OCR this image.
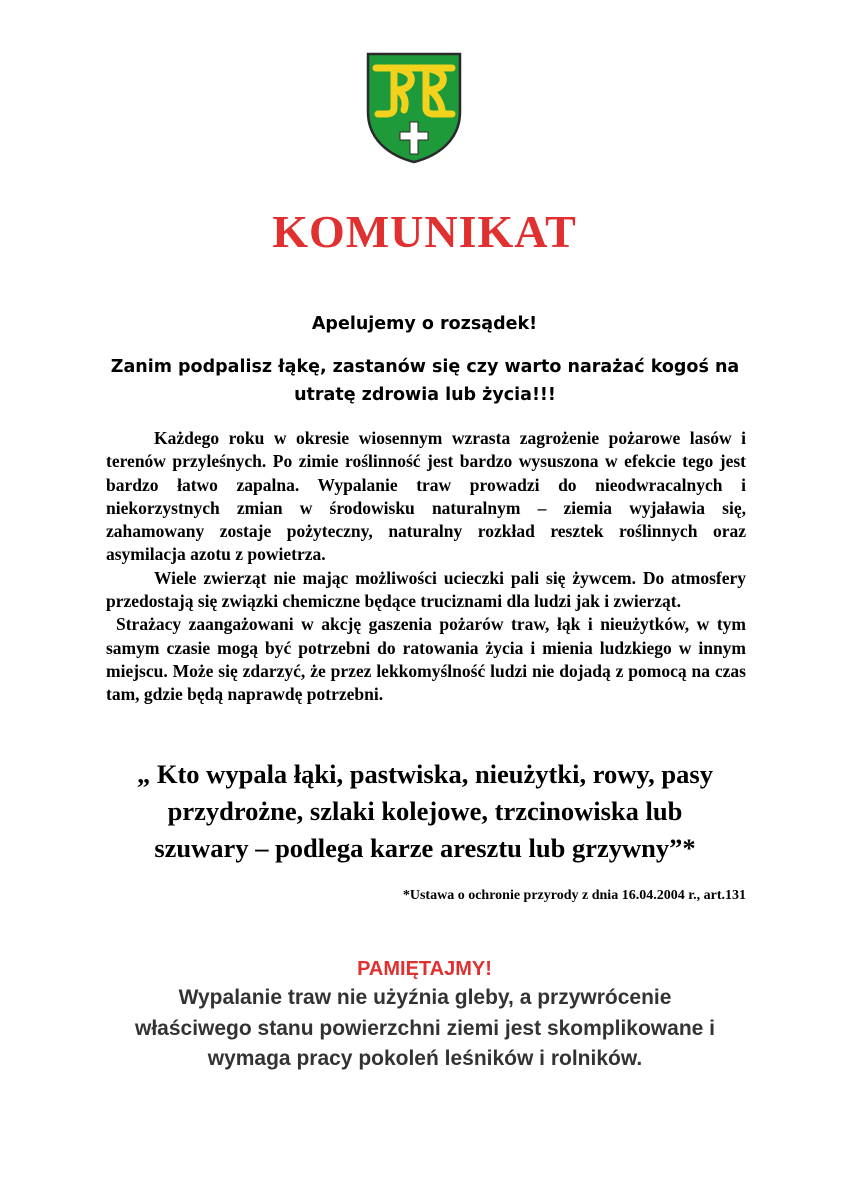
KOMUNIKAT
Apelujemy o rozsądek!
Zanim podpalisz łąkę, zastanów się czy warto narażać kogoś na
utratę zdrowia lub życia!!!

Każdego roku w okresie wiosennym wzrasta zagrożenie pożarowe lasów i terenów przyleśnych. Po zimie roślinność jest bardzo wysuszona w efekcie tego jest bardzo łatwo zapalna. Wypalanie traw prowadzi do nieodwracalnych i niekorzystnych zmian w środowisku naturalnym – ziemia wyjaławia się, zahamowany zostaje pożyteczny, naturalny rozkład resztek roślinnych oraz asymilacja azotu z powietrza.

Wiele zwierząt nie mając możliwości ucieczki pali się żywcem. Do atmosfery przedostają się związki chemiczne będące truciznami dla ludzi jak i zwierząt.

Strażacy zaangażowani w akcję gaszenia pożarów traw, łąk i nieużytków, w tym samym czasie mogą być potrzebni do ratowania życia i mienia ludzkiego w innym miejscu. Może się zdarzyć, że przez lekkomyślność ludzi nie dojadą z pomocą na czas tam, gdzie będą naprawdę potrzebni.

„ Kto wypala łąki, pastwiska, nieużytki, rowy, pasy
przydrożne, szlaki kolejowe, trzcinowiska lub
szuwary – podlega karze aresztu lub grzywny”*
*Ustawa o ochronie przyrody z dnia 16.04.2004 r., art.131
PAMIĘTAJMY!
Wypalanie traw nie użyźnia gleby, a przywrócenie
właściwego stanu powierzchni ziemi jest skomplikowane i
wymaga pracy pokoleń leśników i rolników.
